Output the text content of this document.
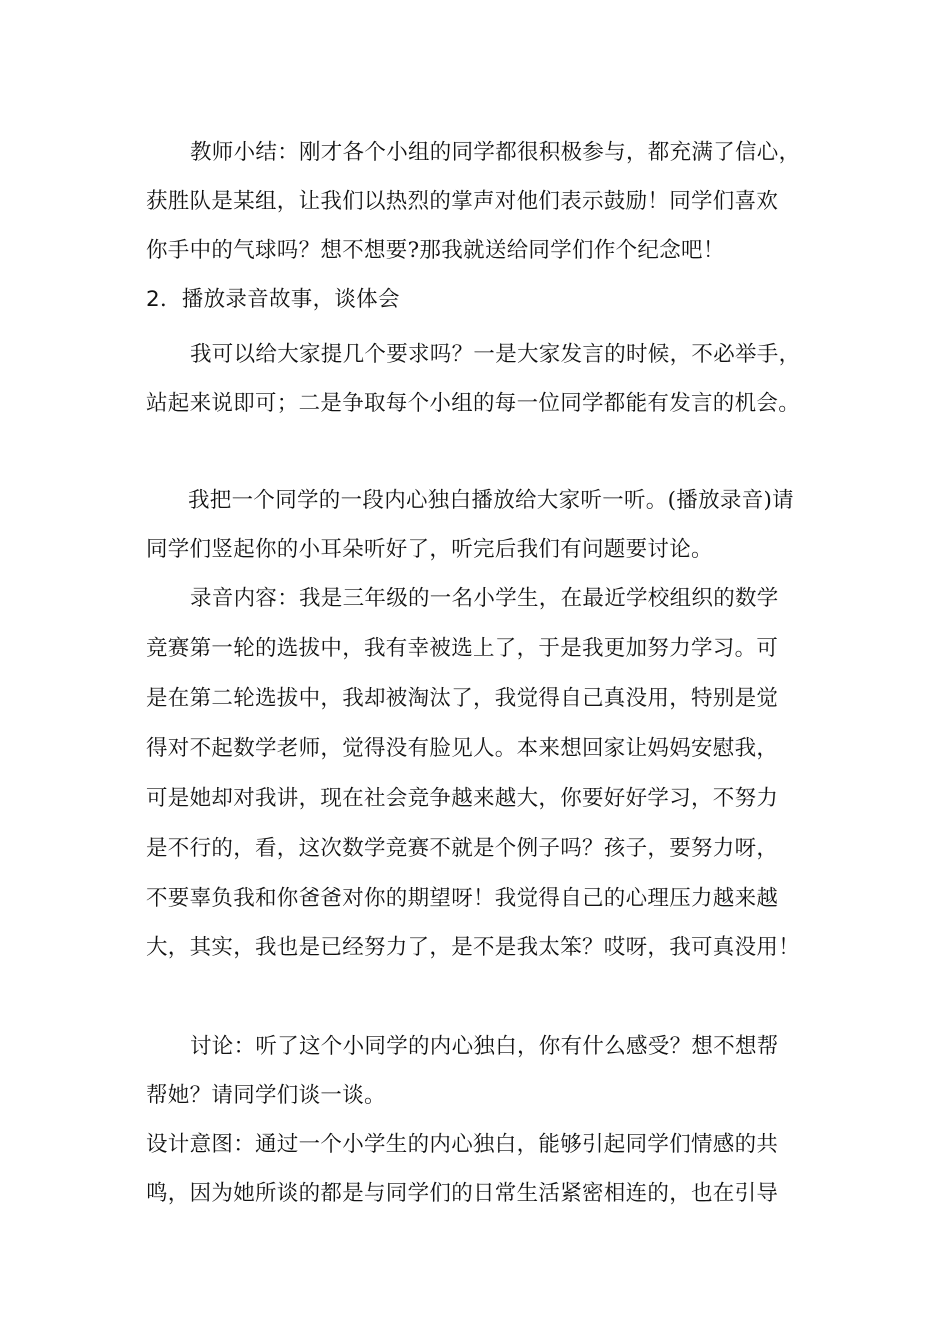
教师小结：刚才各个小组的同学都很积极参与，都充满了信心，
获胜队是某组，让我们以热烈的掌声对他们表示鼓励！同学们喜欢
你手中的气球吗？想不想要?那我就送给同学们作个纪念吧！
2．播放录音故事，谈体会
我可以给大家提几个要求吗？一是大家发言的时候，不必举手，
站起来说即可；二是争取每个小组的每一位同学都能有发言的机会。
我把一个同学的一段内心独白播放给大家听一听。(播放录音)请
同学们竖起你的小耳朵听好了，听完后我们有问题要讨论。
录音内容：我是三年级的一名小学生，在最近学校组织的数学
竞赛第一轮的选拔中，我有幸被选上了，于是我更加努力学习。可
是在第二轮选拔中，我却被淘汰了，我觉得自己真没用，特别是觉
得对不起数学老师，觉得没有脸见人。本来想回家让妈妈安慰我，
可是她却对我讲，现在社会竞争越来越大，你要好好学习，不努力
是不行的，看，这次数学竞赛不就是个例子吗？孩子，要努力呀，
不要辜负我和你爸爸对你的期望呀！我觉得自己的心理压力越来越
大，其实，我也是已经努力了，是不是我太笨？哎呀，我可真没用！
讨论：听了这个小同学的内心独白，你有什么感受？想不想帮
帮她？请同学们谈一谈。
设计意图：通过一个小学生的内心独白，能够引起同学们情感的共
鸣，因为她所谈的都是与同学们的日常生活紧密相连的，也在引导
